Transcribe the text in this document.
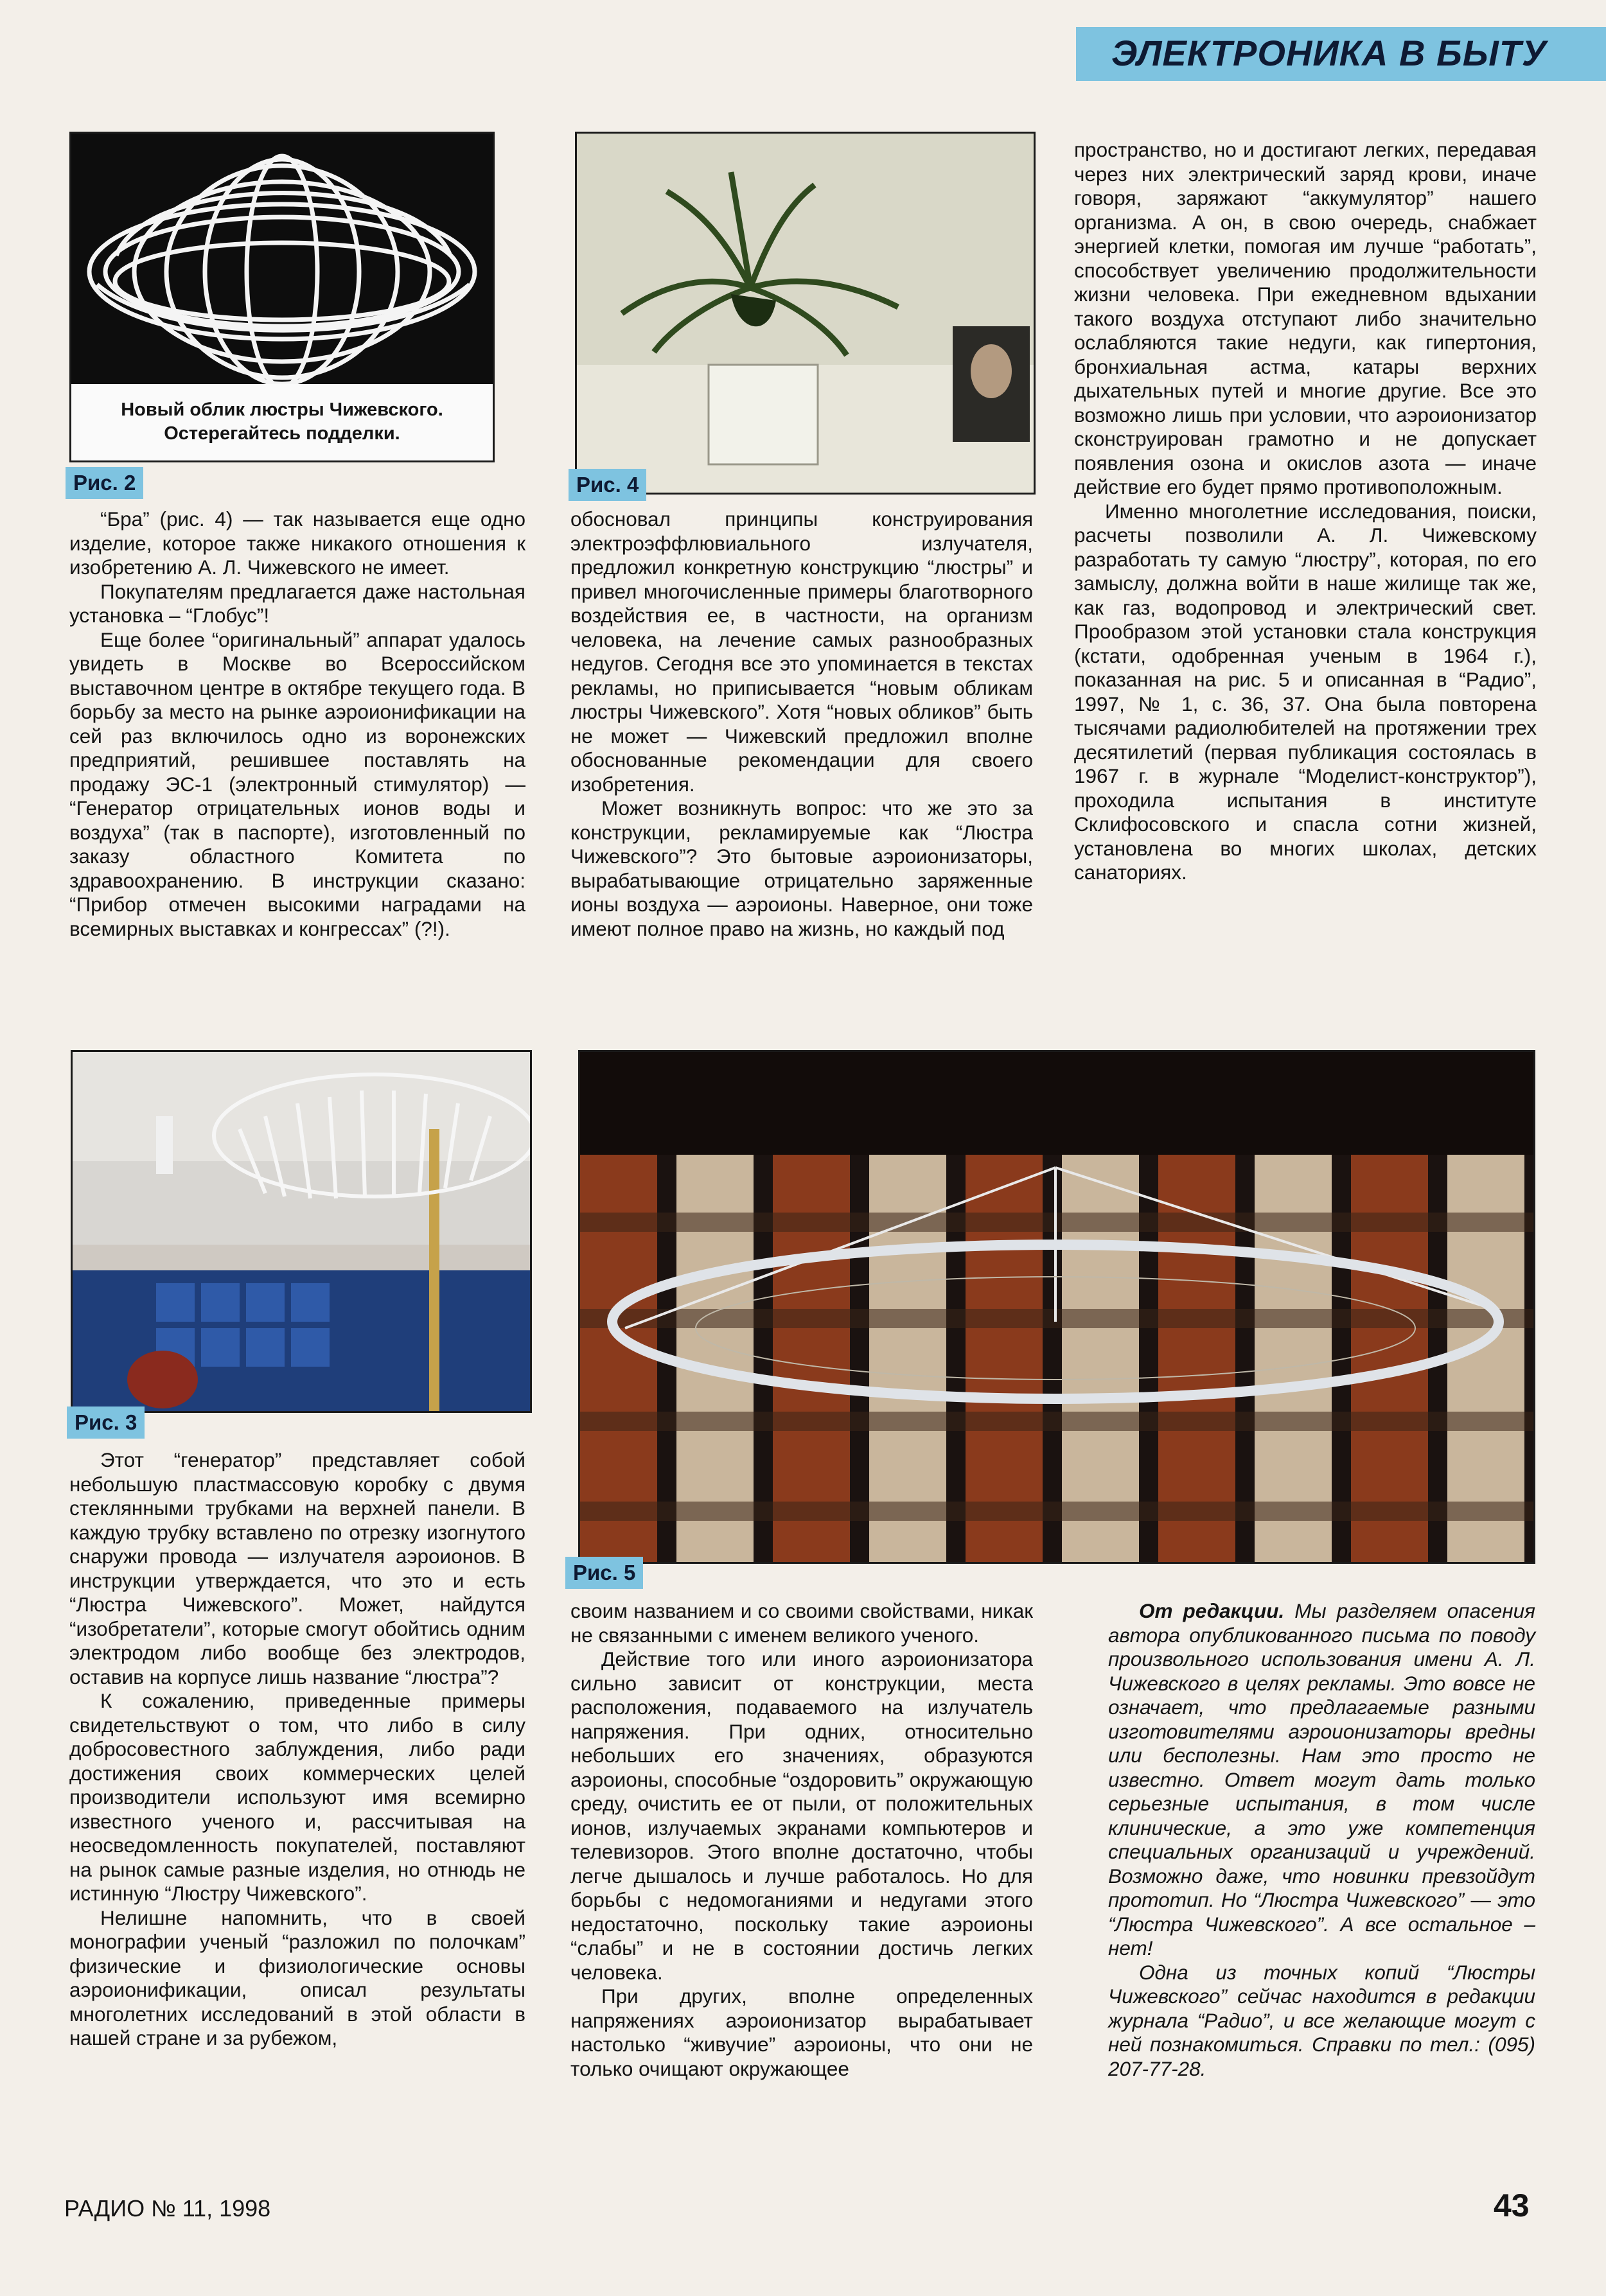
ЭЛЕКТРОНИКА В БЫТУ
Новый облик люстры Чижевского.
Остерегайтесь подделки.
Рис. 2	Рис. 4

“Бра” (рис. 4) — так называется еще одно изделие, которое также никакого отношения к изобретению А. Л. Чижевского не имеет.

Покупателям предлагается даже настольная установка – “Глобус”!

Еще более “оригинальный” аппарат удалось увидеть в Москве во Всероссийском выставочном центре в октябре текущего года. В борьбу за место на рынке аэроионификации на сей раз включилось одно из воронежских предприятий, решившее поставлять на продажу ЭС-1 (электронный стимулятор) — “Генератор отрицательных ионов воды и воздуха” (так в паспорте), изготовленный по заказу областного Комитета по здравоохранению. В инструкции сказано: “Прибор отмечен высокими наградами на всемирных выставках и конгрессах” (?!).

обосновал принципы конструирования электроэффлювиального излучателя, предложил конкретную конструкцию “люстры” и привел многочисленные примеры благотворного воздействия ее, в частности, на организм человека, на лечение самых разнообразных недугов. Сегодня все это упоминается в текстах рекламы, но приписывается “новым обликам люстры Чижевского”. Хотя “новых обликов” быть не может — Чижевский предложил вполне обоснованные рекомендации для своего изобретения.

Может возникнуть вопрос: что же это за конструкции, рекламируемые как “Люстра Чижевского”? Это бытовые аэроионизаторы, вырабатывающие отрицательно заряженные ионы воздуха — аэроионы. Наверное, они тоже имеют полное право на жизнь, но каждый под

пространство, но и достигают легких, передавая через них электрический заряд крови, иначе говоря, заряжают “аккумулятор” нашего организма. А он, в свою очередь, снабжает энергией клетки, помогая им лучше “работать”, способствует увеличению продолжительности жизни человека. При ежедневном вдыхании такого воздуха отступают либо значительно ослабляются такие недуги, как гипертония, бронхиальная астма, катары верхних дыхательных путей и многие другие. Все это возможно лишь при условии, что аэроионизатор сконструирован грамотно и не допускает появления озона и окислов азота — иначе действие его будет прямо противоположным.

Именно многолетние исследования, поиски, расчеты позволили А. Л. Чижевскому разработать ту самую “люстру”, которая, по его замыслу, должна войти в наше жилище так же, как газ, водопровод и электрический свет. Прообразом этой установки стала конструкция (кстати, одобренная ученым в 1964 г.), показанная на рис. 5 и описанная в “Радио”, 1997, № 1, с. 36, 37. Она была повторена тысячами радиолюбителей на протяжении трех десятилетий (первая публикация состоялась в 1967 г. в журнале “Моделист-конструктор”), проходила испытания в институте Склифосовского и спасла сотни жизней, установлена во многих школах, детских санаториях.

Рис. 3
Рис. 5

Этот “генератор” представляет собой небольшую пластмассовую коробку с двумя стеклянными трубками на верхней панели. В каждую трубку вставлено по отрезку изогнутого снаружи провода — излучателя аэроионов. В инструкции утверждается, что это и есть “Люстра Чижевского”. Может, найдутся “изобретатели”, которые смогут обойтись одним электродом либо вообще без электродов, оставив на корпусе лишь название “люстра”?

К сожалению, приведенные примеры свидетельствуют о том, что либо в силу добросовестного заблуждения, либо ради достижения своих коммерческих целей производители используют имя всемирно известного ученого и, рассчитывая на неосведомленность покупателей, поставляют на рынок самые разные изделия, но отнюдь не истинную “Люстру Чижевского”.

Нелишне напомнить, что в своей монографии ученый “разложил по полочкам” физические и физиологические основы аэроионификации, описал результаты многолетних исследований в этой области в нашей стране и за рубежом,

своим названием и со своими свойствами, никак не связанными с именем великого ученого.

Действие того или иного аэроионизатора сильно зависит от конструкции, места расположения, подаваемого на излучатель напряжения. При одних, относительно небольших его значениях, образуются аэроионы, способные “оздоровить” окружающую среду, очистить ее от пыли, от положительных ионов, излучаемых экранами компьютеров и телевизоров. Этого вполне достаточно, чтобы легче дышалось и лучше работалось. Но для борьбы с недомоганиями и недугами этого недостаточно, поскольку такие аэроионы “слабы” и не в состоянии достичь легких человека.

При других, вполне определенных напряжениях аэроионизатор вырабатывает настолько “живучие” аэроионы, что они не только очищают окружающее

От редакции. Мы разделяем опасения автора опубликованного письма по поводу произвольного использования имени А. Л. Чижевского в целях рекламы. Это вовсе не означает, что предлагаемые разными изготовителями аэроионизаторы вредны или бесполезны. Нам это просто не известно. Ответ могут дать только серьезные испытания, в том числе клинические, а это уже компетенция специальных организаций и учреждений. Возможно даже, что новинки превзойдут прототип. Но “Люстра Чижевского” — это “Люстра Чижевского”. А все остальное – нет!

Одна из точных копий “Люстры Чижевского” сейчас находится в редакции журнала “Радио”, и все желающие могут с ней познакомиться. Справки по тел.: (095) 207-77-28.

РАДИО № 11, 1998	43
